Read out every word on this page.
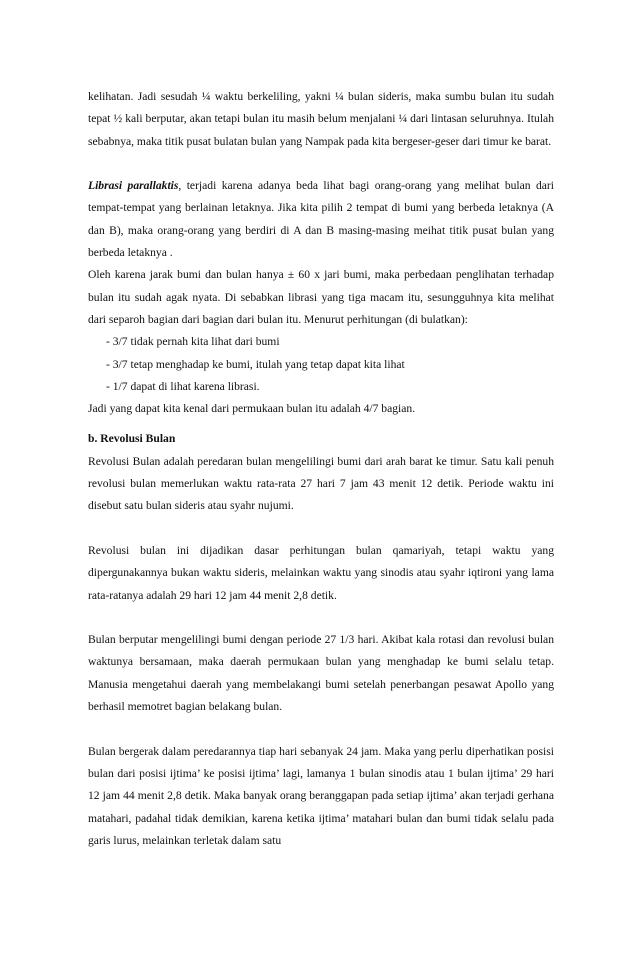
kelihatan. Jadi sesudah ¼ waktu berkeliling, yakni ¼ bulan sideris, maka sumbu bulan itu sudah tepat ½ kali berputar, akan tetapi bulan itu masih belum menjalani ¼ dari lintasan seluruhnya. Itulah sebabnya, maka titik pusat bulatan bulan yang Nampak pada kita bergeser-geser dari timur ke barat.

Librasi parallaktis, terjadi karena adanya beda lihat bagi orang-orang yang melihat bulan dari tempat-tempat yang berlainan letaknya. Jika kita pilih 2 tempat di bumi yang berbeda letaknya (A dan B), maka orang-orang yang berdiri di A dan B masing-masing meihat titik pusat bulan yang berbeda letaknya .

Oleh karena jarak bumi dan bulan hanya ± 60 x jari bumi, maka perbedaan penglihatan terhadap bulan itu sudah agak nyata. Di sebabkan librasi yang tiga macam itu, sesungguhnya kita melihat dari separoh bagian dari bagian dari bulan itu. Menurut perhitungan (di bulatkan):

- 3/7 tidak pernah kita lihat dari bumi

- 3/7 tetap menghadap ke bumi, itulah yang tetap dapat kita lihat

- 1/7 dapat di lihat karena librasi.

Jadi yang dapat kita kenal dari permukaan bulan itu adalah 4/7 bagian.

b. Revolusi Bulan

Revolusi Bulan adalah peredaran bulan mengelilingi bumi dari arah barat ke timur. Satu kali penuh revolusi bulan memerlukan waktu rata-rata 27 hari 7 jam 43 menit 12 detik. Periode waktu ini disebut satu bulan sideris atau syahr nujumi.

Revolusi bulan ini dijadikan dasar perhitungan bulan qamariyah, tetapi waktu yang dipergunakannya bukan waktu sideris, melainkan waktu yang sinodis atau syahr iqtironi yang lama rata-ratanya adalah 29 hari 12 jam 44 menit 2,8 detik.

Bulan berputar mengelilingi bumi dengan periode 27 1/3 hari. Akibat kala rotasi dan revolusi bulan waktunya bersamaan, maka daerah permukaan bulan yang menghadap ke bumi selalu tetap. Manusia mengetahui daerah yang membelakangi bumi setelah penerbangan pesawat Apollo yang berhasil memotret bagian belakang bulan.

Bulan bergerak dalam peredarannya tiap hari sebanyak 24 jam. Maka yang perlu diperhatikan posisi bulan dari posisi ijtima’ ke posisi ijtima’ lagi, lamanya 1 bulan sinodis atau 1 bulan ijtima’ 29 hari 12 jam 44 menit 2,8 detik. Maka banyak orang beranggapan pada setiap ijtima’ akan terjadi gerhana matahari, padahal tidak demikian, karena ketika ijtima’ matahari bulan dan bumi tidak selalu pada garis lurus, melainkan terletak dalam satu
